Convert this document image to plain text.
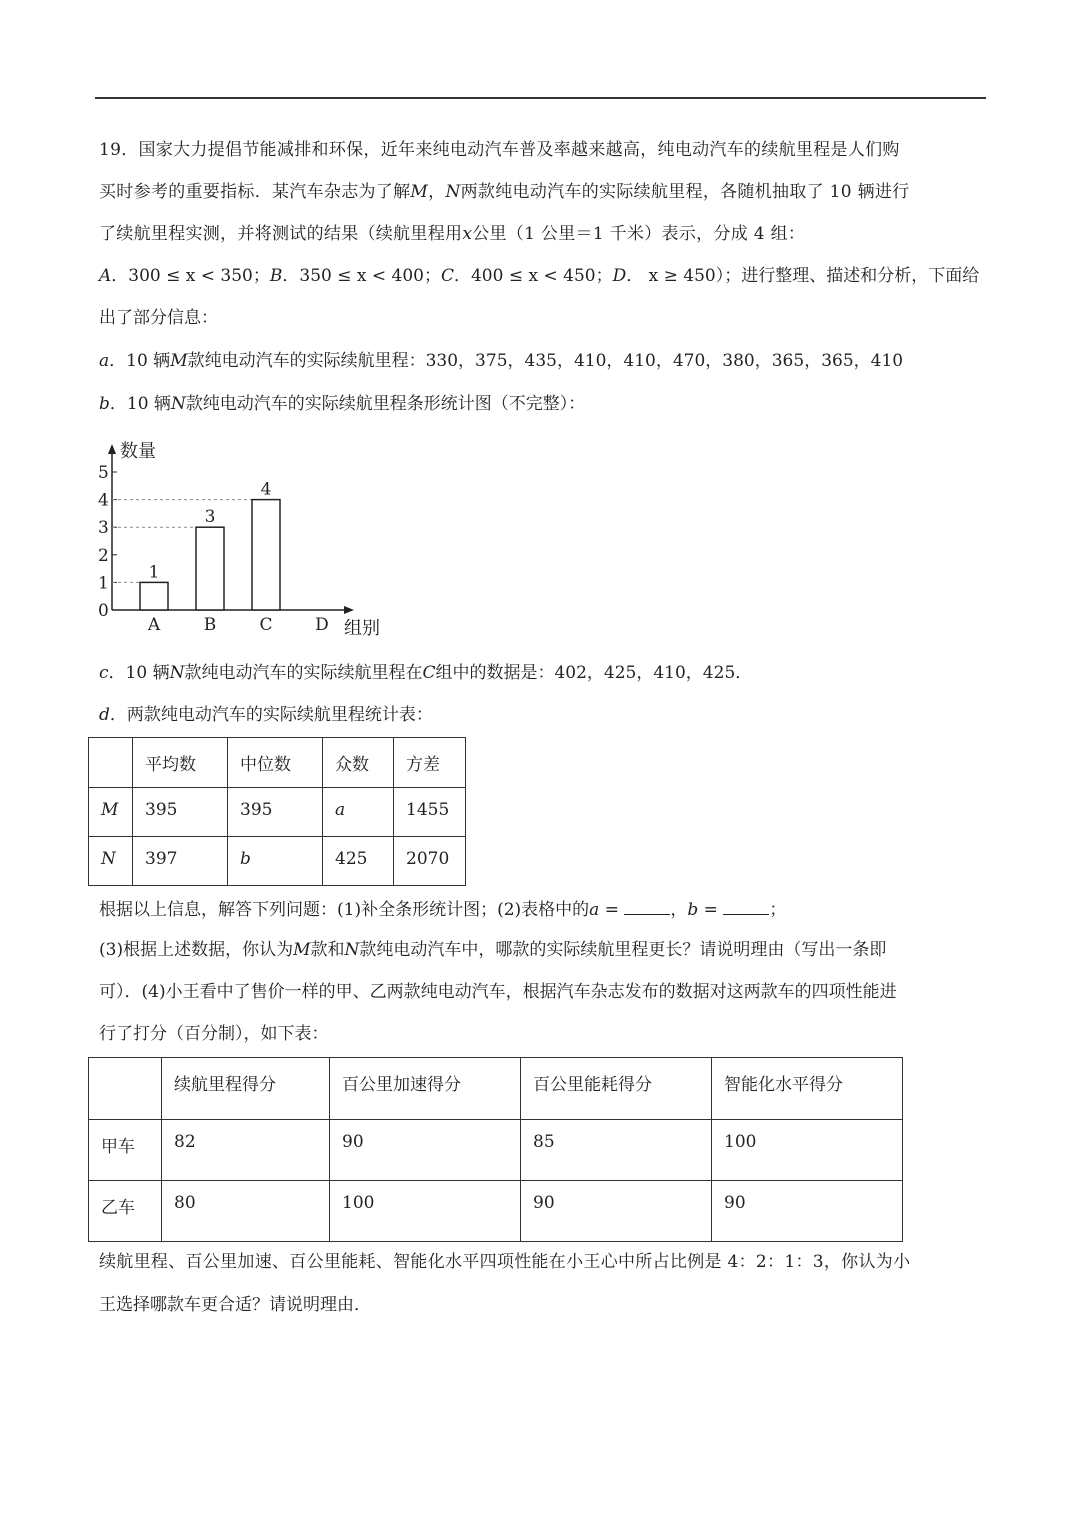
19．国家大力提倡节能减排和环保，近年来纯电动汽车普及率越来越高，纯电动汽车的续航里程是人们购
买时参考的重要指标．某汽车杂志为了解M，N两款纯电动汽车的实际续航里程，各随机抽取了 10 辆进行
了续航里程实测，并将测试的结果（续航里程用x公里（1 公里＝1 千米）表示，分成 4 组：
A．300 ≤ x < 350；B．350 ≤ x < 400；C．400 ≤ x < 450；D． x ≥ 450）；进行整理、描述和分析，下面给
出了部分信息：
a．10 辆M款纯电动汽车的实际续航里程：330，375，435，410，410，470，380，365，365，410
b．10 辆N款纯电动汽车的实际续航里程条形统计图（不完整）：
数量
组别
0
1
2
3
4
5
1
A
3
B
4
C	D
c．10 辆N款纯电动汽车的实际续航里程在C组中的数据是：402，425，410，425．
d．两款纯电动汽车的实际续航里程统计表：
	平均数	中位数	众数	方差
M	395	395	a	1455
N	397	b	425	2070
根据以上信息，解答下列问题：(1)补全条形统计图；(2)表格中的a =	，b =	；
(3)根据上述数据，你认为M款和N款纯电动汽车中，哪款的实际续航里程更长？请说明理由（写出一条即
可）．(4)小王看中了售价一样的甲、乙两款纯电动汽车，根据汽车杂志发布的数据对这两款车的四项性能进
行了打分（百分制），如下表：
	续航里程得分	百公里加速得分	百公里能耗得分	智能化水平得分
甲车	82	90	85	100
乙车	80	100	90	90
续航里程、百公里加速、百公里能耗、智能化水平四项性能在小王心中所占比例是 4：2：1：3，你认为小
王选择哪款车更合适？请说明理由．
